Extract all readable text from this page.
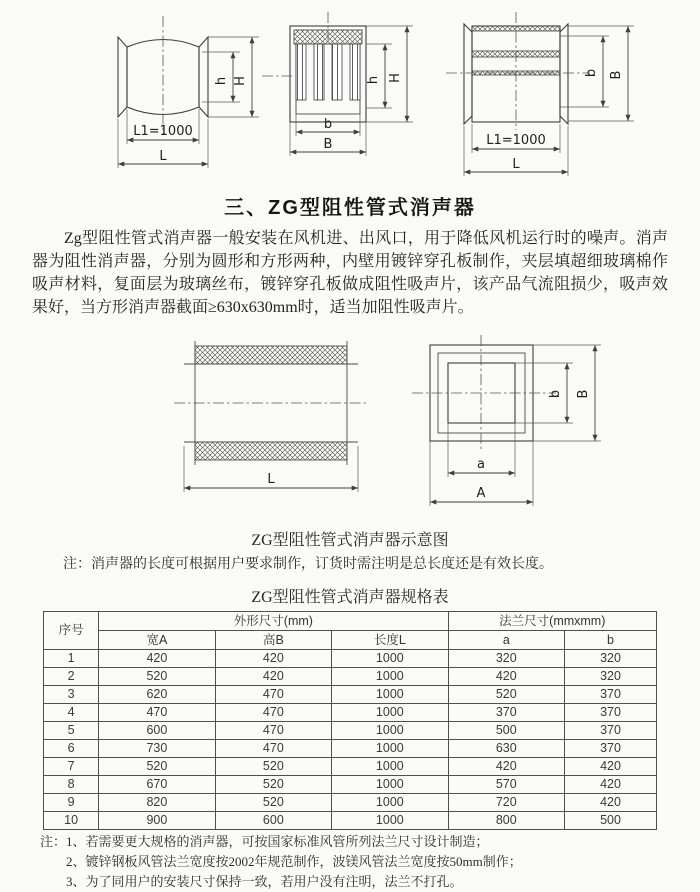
h H
L1=1000
L
h H
b
B
b B
L1=1000
L
三、ZG型阻性管式消声器
Zg型阻性管式消声器一般安装在风机进、出风口，用于降低风机运行时的噪声。消声器为阻性消声器，分别为圆形和方形两种，内壁用镀锌穿孔板制作，夹层填超细玻璃棉作吸声材料，复面层为玻璃丝布，镀锌穿孔板做成阻性吸声片，该产品气流阻损少，吸声效果好，当方形消声器截面≥630x630mm时，适当加阻性吸声片。
L
b B
a
A
ZG型阻性管式消声器示意图
注：消声器的长度可根据用户要求制作，订货时需注明是总长度还是有效长度。
ZG型阻性管式消声器规格表
序号	外形尺寸(mm)			法兰尺寸(mmxmm)	
	宽A	高B	长度L	a	b
1	420	420	1000	320	320
2	520	420	1000	420	320
3	620	470	1000	520	370
4	470	470	1000	370	370
5	600	470	1000	500	370
6	730	470	1000	630	370
7	520	520	1000	420	420
8	670	520	1000	570	420
9	820	520	1000	720	420
10	900	600	1000	800	500
注：1、若需要更大规格的消声器，可按国家标准风管所列法兰尺寸设计制造；
2、镀锌钢板风管法兰宽度按2002年规范制作，波镁风管法兰宽度按50mm制作；
3、为了同用户的安装尺寸保持一致，若用户没有注明，法兰不打孔。
